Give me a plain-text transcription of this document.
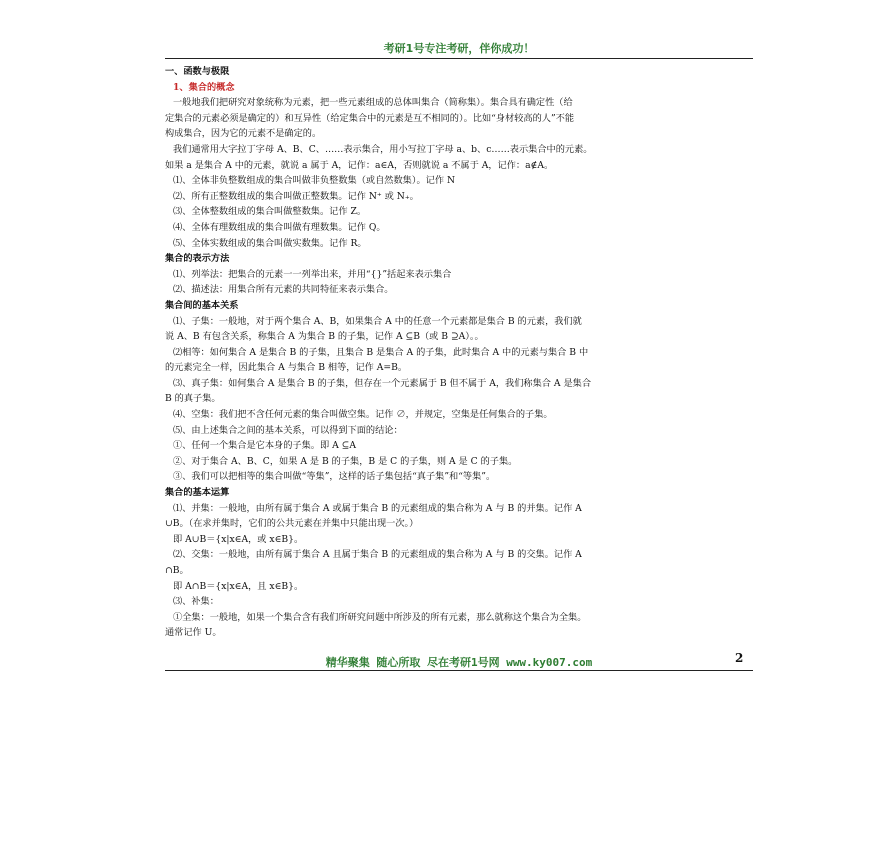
考研1号专注考研，伴你成功！
一、函数与极限
1、集合的概念
一般地我们把研究对象统称为元素，把一些元素组成的总体叫集合（简称集）。集合具有确定性（给
定集合的元素必须是确定的）和互异性（给定集合中的元素是互不相同的）。比如“身材较高的人”不能
构成集合，因为它的元素不是确定的。
我们通常用大字拉丁字母 A、B、C、……表示集合，用小写拉丁字母 a、b、c……表示集合中的元素。
如果 a 是集合 A 中的元素，就说 a 属于 A，记作：a∈A，否则就说 a 不属于 A，记作：a∉A。
⑴、全体非负整数组成的集合叫做非负整数集（或自然数集）。记作 N
⑵、所有正整数组成的集合叫做正整数集。记作 N⁺ 或 N₊。
⑶、全体整数组成的集合叫做整数集。记作 Z。
⑷、全体有理数组成的集合叫做有理数集。记作 Q。
⑸、全体实数组成的集合叫做实数集。记作 R。
集合的表示方法
⑴、列举法：把集合的元素一一列举出来，并用“{}”括起来表示集合
⑵、描述法：用集合所有元素的共同特征来表示集合。
集合间的基本关系
⑴、子集：一般地，对于两个集合 A、B，如果集合 A 中的任意一个元素都是集合 B 的元素，我们就
说 A、B 有包含关系，称集合 A 为集合 B 的子集，记作 A ⊆B（或 B ⊇A）。。
⑵相等：如何集合 A 是集合 B 的子集，且集合 B 是集合 A 的子集，此时集合 A 中的元素与集合 B 中
的元素完全一样，因此集合 A 与集合 B 相等，记作 A=B。
⑶、真子集：如何集合 A 是集合 B 的子集，但存在一个元素属于 B 但不属于 A，我们称集合 A 是集合
B 的真子集。
⑷、空集：我们把不含任何元素的集合叫做空集。记作 ∅，并规定，空集是任何集合的子集。
⑸、由上述集合之间的基本关系，可以得到下面的结论：
①、任何一个集合是它本身的子集。即 A ⊆A
②、对于集合 A、B、C，如果 A 是 B 的子集，B 是 C 的子集，则 A 是 C 的子集。
③、我们可以把相等的集合叫做“等集”，这样的话子集包括“真子集”和“等集”。
集合的基本运算
⑴、并集：一般地，由所有属于集合 A 或属于集合 B 的元素组成的集合称为 A 与 B 的并集。记作 A
∪B。（在求并集时，它们的公共元素在并集中只能出现一次。）
即 A∪B＝{x|x∈A，或 x∈B}。
⑵、交集：一般地，由所有属于集合 A 且属于集合 B 的元素组成的集合称为 A 与 B 的交集。记作 A
∩B。
即 A∩B＝{x|x∈A，且 x∈B}。
⑶、补集：
①全集：一般地，如果一个集合含有我们所研究问题中所涉及的所有元素，那么就称这个集合为全集。
通常记作 U。
精华聚集 随心所取 尽在考研1号网 www.ky007.com	2
